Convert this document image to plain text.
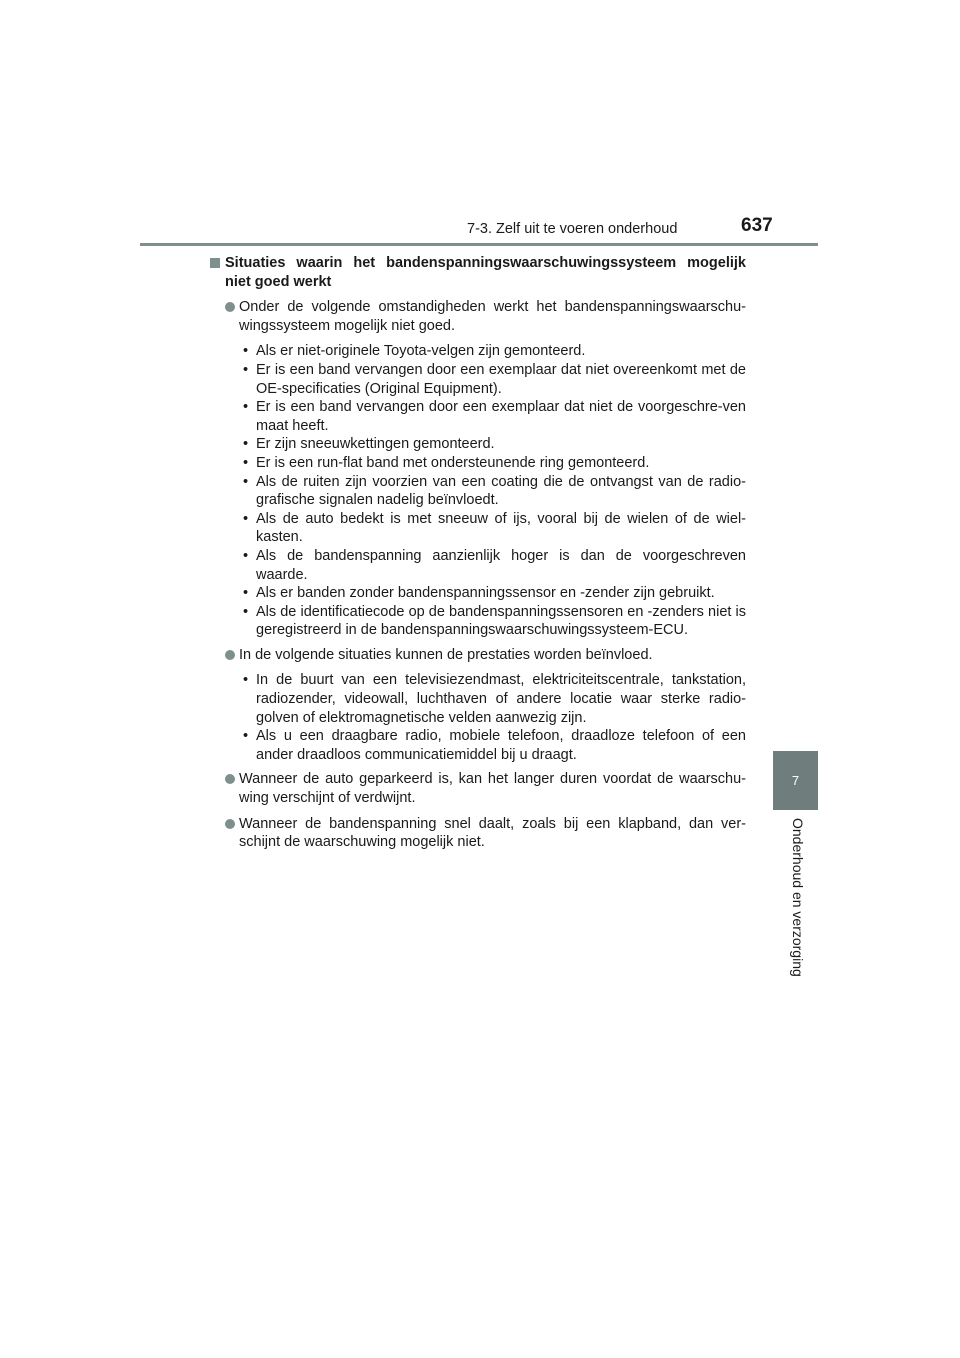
7-3. Zelf uit te voeren onderhoud	637
7
Onderhoud en verzorging
Situaties waarin het bandenspanningswaarschuwingssysteem mogelijk niet goed werkt
Onder de volgende omstandigheden werkt het bandenspanningswaarschu-wingssysteem mogelijk niet goed.
• Als er niet-originele Toyota-velgen zijn gemonteerd.
• Er is een band vervangen door een exemplaar dat niet overeenkomt met de OE-specificaties (Original Equipment).
• Er is een band vervangen door een exemplaar dat niet de voorgeschre-ven maat heeft.
• Er zijn sneeuwkettingen gemonteerd.
• Er is een run-flat band met ondersteunende ring gemonteerd.
• Als de ruiten zijn voorzien van een coating die de ontvangst van de radio-grafische signalen nadelig beïnvloedt.
• Als de auto bedekt is met sneeuw of ijs, vooral bij de wielen of de wiel-kasten.
• Als de bandenspanning aanzienlijk hoger is dan de voorgeschreven waarde.
• Als er banden zonder bandenspanningssensor en -zender zijn gebruikt.
• Als de identificatiecode op de bandenspanningssensoren en -zenders niet is geregistreerd in de bandenspanningswaarschuwingssysteem-ECU.
In de volgende situaties kunnen de prestaties worden beïnvloed.
• In de buurt van een televisiezendmast, elektriciteitscentrale, tankstation, radiozender, videowall, luchthaven of andere locatie waar sterke radio-golven of elektromagnetische velden aanwezig zijn.
• Als u een draagbare radio, mobiele telefoon, draadloze telefoon of een ander draadloos communicatiemiddel bij u draagt.
Wanneer de auto geparkeerd is, kan het langer duren voordat de waarschu-wing verschijnt of verdwijnt.
Wanneer de bandenspanning snel daalt, zoals bij een klapband, dan ver-schijnt de waarschuwing mogelijk niet.
